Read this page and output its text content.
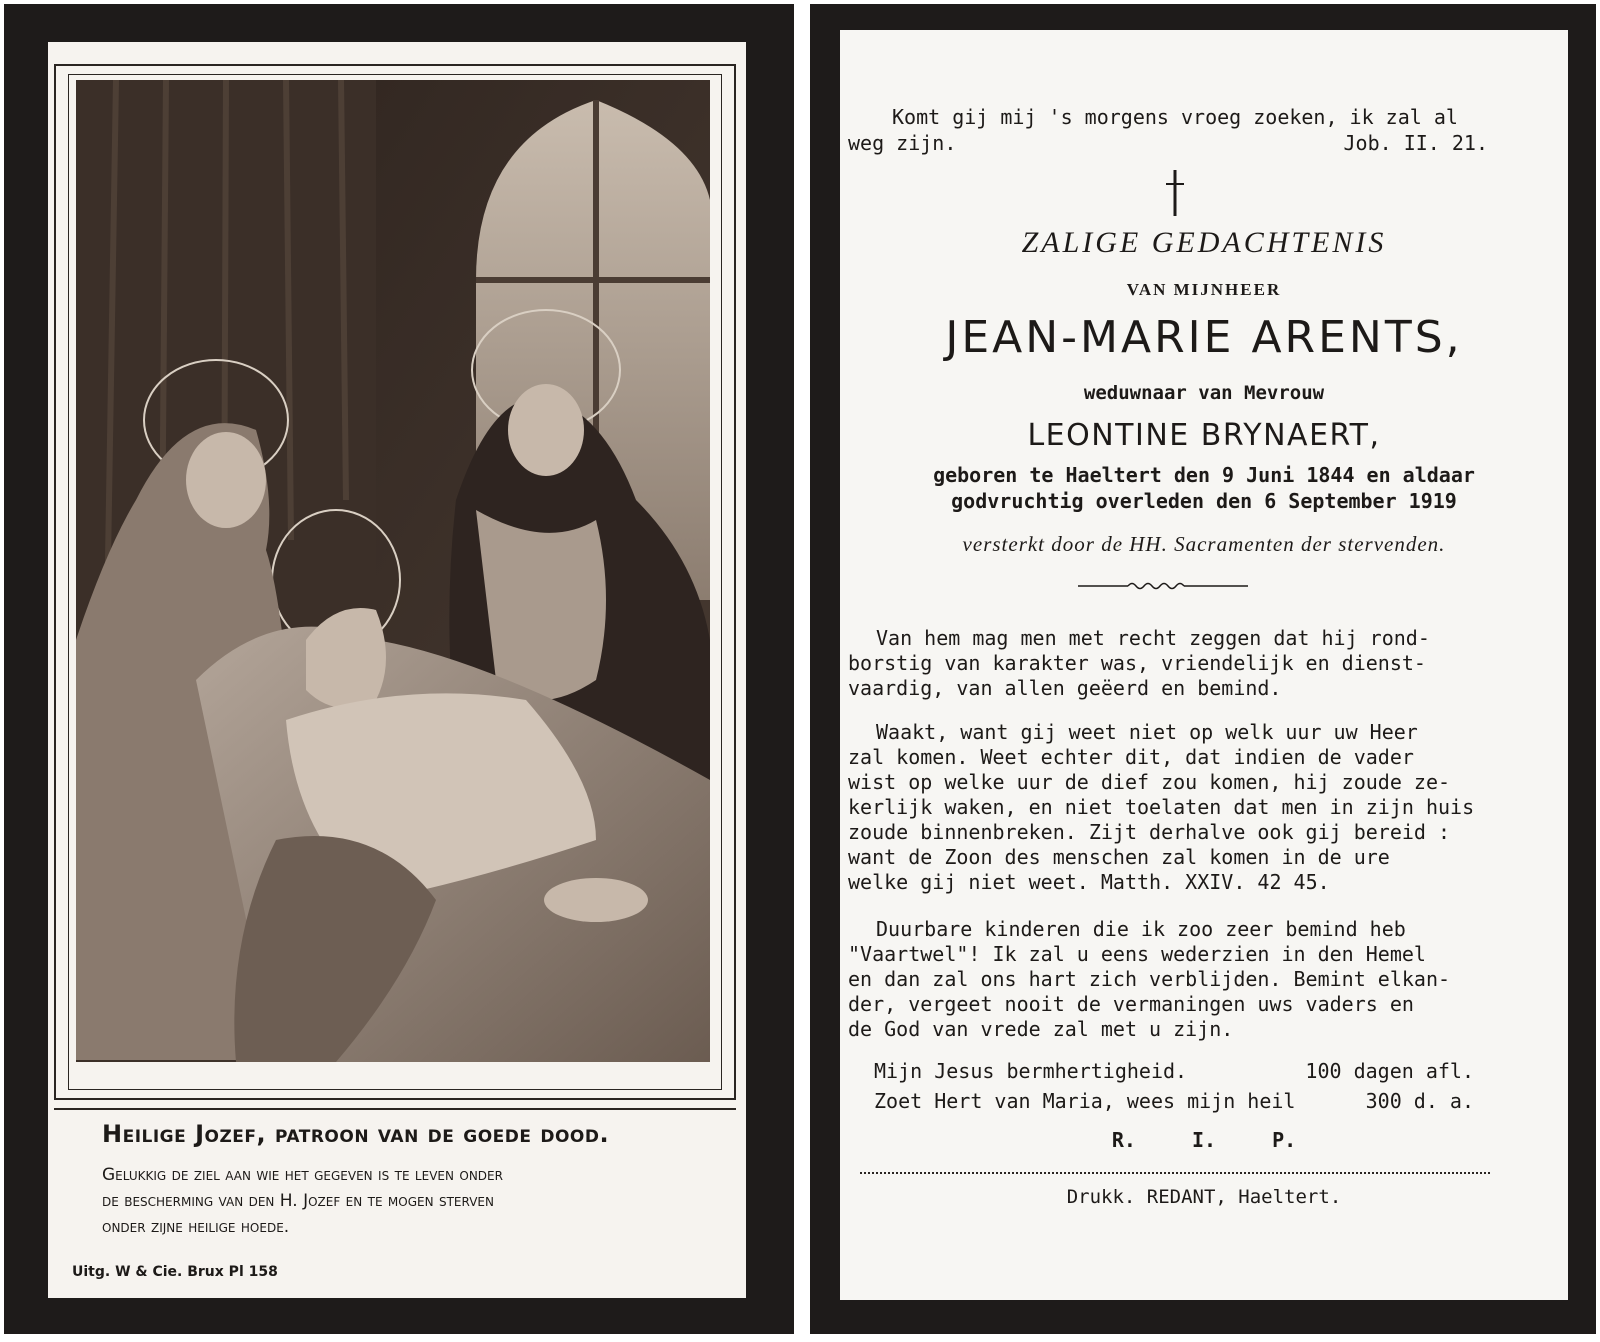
Heilige Jozef, patroon van de goede dood.
Gelukkig de ziel aan wie het gegeven is te leven onder
de bescherming van den H. Jozef en te mogen sterven
onder zijne heilige hoede.
Uitg. W & Cie. Brux Pl 158
Komt gij mij 's morgens vroeg zoeken, ik zal al
weg zijn.	Job. II. 21.
ZALIGE GEDACHTENIS
VAN MIJNHEER
JEAN-MARIE ARENTS,
weduwnaar van Mevrouw
LEONTINE BRYNAERT,
geboren te Haeltert den 9 Juni 1844 en aldaar
godvruchtig overleden den 6 September 1919
versterkt door de HH. Sacramenten der stervenden.
Van hem mag men met recht zeggen dat hij rond-
borstig van karakter was, vriendelijk en dienst-
vaardig, van allen geëerd en bemind.
Waakt, want gij weet niet op welk uur uw Heer
zal komen. Weet echter dit, dat indien de vader
wist op welke uur de dief zou komen, hij zoude ze-
kerlijk waken, en niet toelaten dat men in zijn huis
zoude binnenbreken. Zijt derhalve ook gij bereid :
want de Zoon des menschen zal komen in de ure
welke gij niet weet. Matth. XXIV. 42 45.
Duurbare kinderen die ik zoo zeer bemind heb
"Vaartwel"! Ik zal u eens wederzien in den Hemel
en dan zal ons hart zich verblijden. Bemint elkan-
der, vergeet nooit de vermaningen uws vaders en
de God van vrede zal met u zijn.
Mijn Jesus bermhertigheid.	100 dagen afl.
Zoet Hert van Maria, wees mijn heil	300 d. a.
R.	I.	P.
Drukk. REDANT, Haeltert.
